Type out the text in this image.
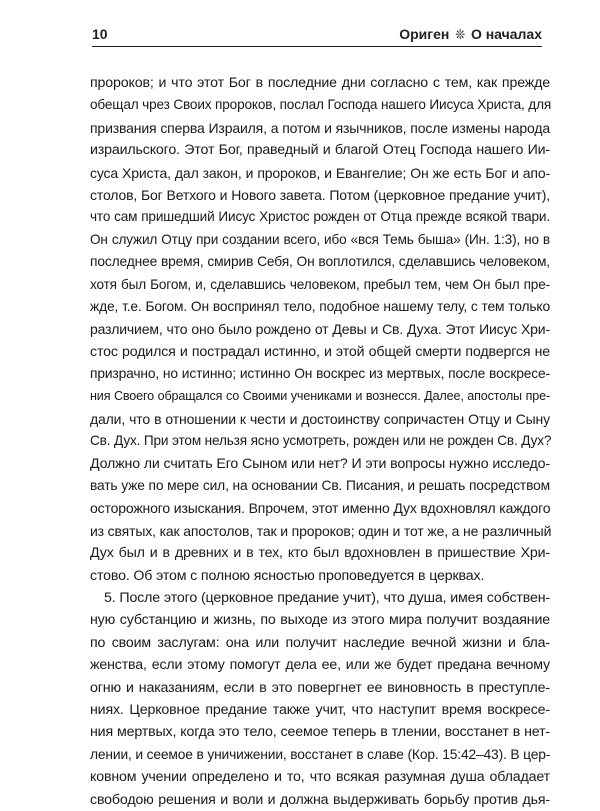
10	Ориген ❊ О началах
пророков; и что этот Бог в последние дни согласно с тем, как прежде
обещал чрез Своих пророков, послал Господа нашего Иисуса Христа, для
призвания сперва Израиля, а потом и язычников, после измены народа
израильского. Этот Бог, праведный и благой Отец Господа нашего Ии-
суса Христа, дал закон, и пророков, и Евангелие; Он же есть Бог и апо-
столов, Бог Ветхого и Нового завета. Потом (церковное предание учит),
что сам пришедший Иисус Христос рожден от Отца прежде всякой твари.
Он служил Отцу при создании всего, ибо «вся Темь быша» (Ин. 1:3), но в
последнее время, смирив Себя, Он воплотился, сделавшись человеком,
хотя был Богом, и, сделавшись человеком, пребыл тем, чем Он был пре-
жде, т.е. Богом. Он воспринял тело, подобное нашему телу, с тем только
различием, что оно было рождено от Девы и Св. Духа. Этот Иисус Хри-
стос родился и пострадал истинно, и этой общей смерти подвергся не
призрачно, но истинно; истинно Он воскрес из мертвых, после воскресе-
ния Своего обращался со Своими учениками и вознесся. Далее, апостолы пре-
дали, что в отношении к чести и достоинству сопричастен Отцу и Сыну
Св. Дух. При этом нельзя ясно усмотреть, рожден или не рожден Св. Дух?
Должно ли считать Его Сыном или нет? И эти вопросы нужно исследо-
вать уже по мере сил, на основании Св. Писания, и решать посредством
осторожного изыскания. Впрочем, этот именно Дух вдохновлял каждого
из святых, как апостолов, так и пророков; один и тот же, а не различный
Дух был и в древних и в тех, кто был вдохновлен в пришествие Хри-
стово. Об этом с полною ясностью проповедуется в церквах.
5. После этого (церковное предание учит), что душа, имея собствен-
ную субстанцию и жизнь, по выходе из этого мира получит воздаяние
по своим заслугам: она или получит наследие вечной жизни и бла-
женства, если этому помогут дела ее, или же будет предана вечному
огню и наказаниям, если в это повергнет ее виновность в преступле-
ниях. Церковное предание также учит, что наступит время воскресе-
ния мертвых, когда это тело, сеемое теперь в тлении, восстанет в нет-
лении, и сеемое в уничижении, восстанет в славе (Кор. 15:42–43). В цер-
ковном учении определено и то, что всякая разумная душа обладает
свободою решения и воли и должна выдерживать борьбу против дья-
